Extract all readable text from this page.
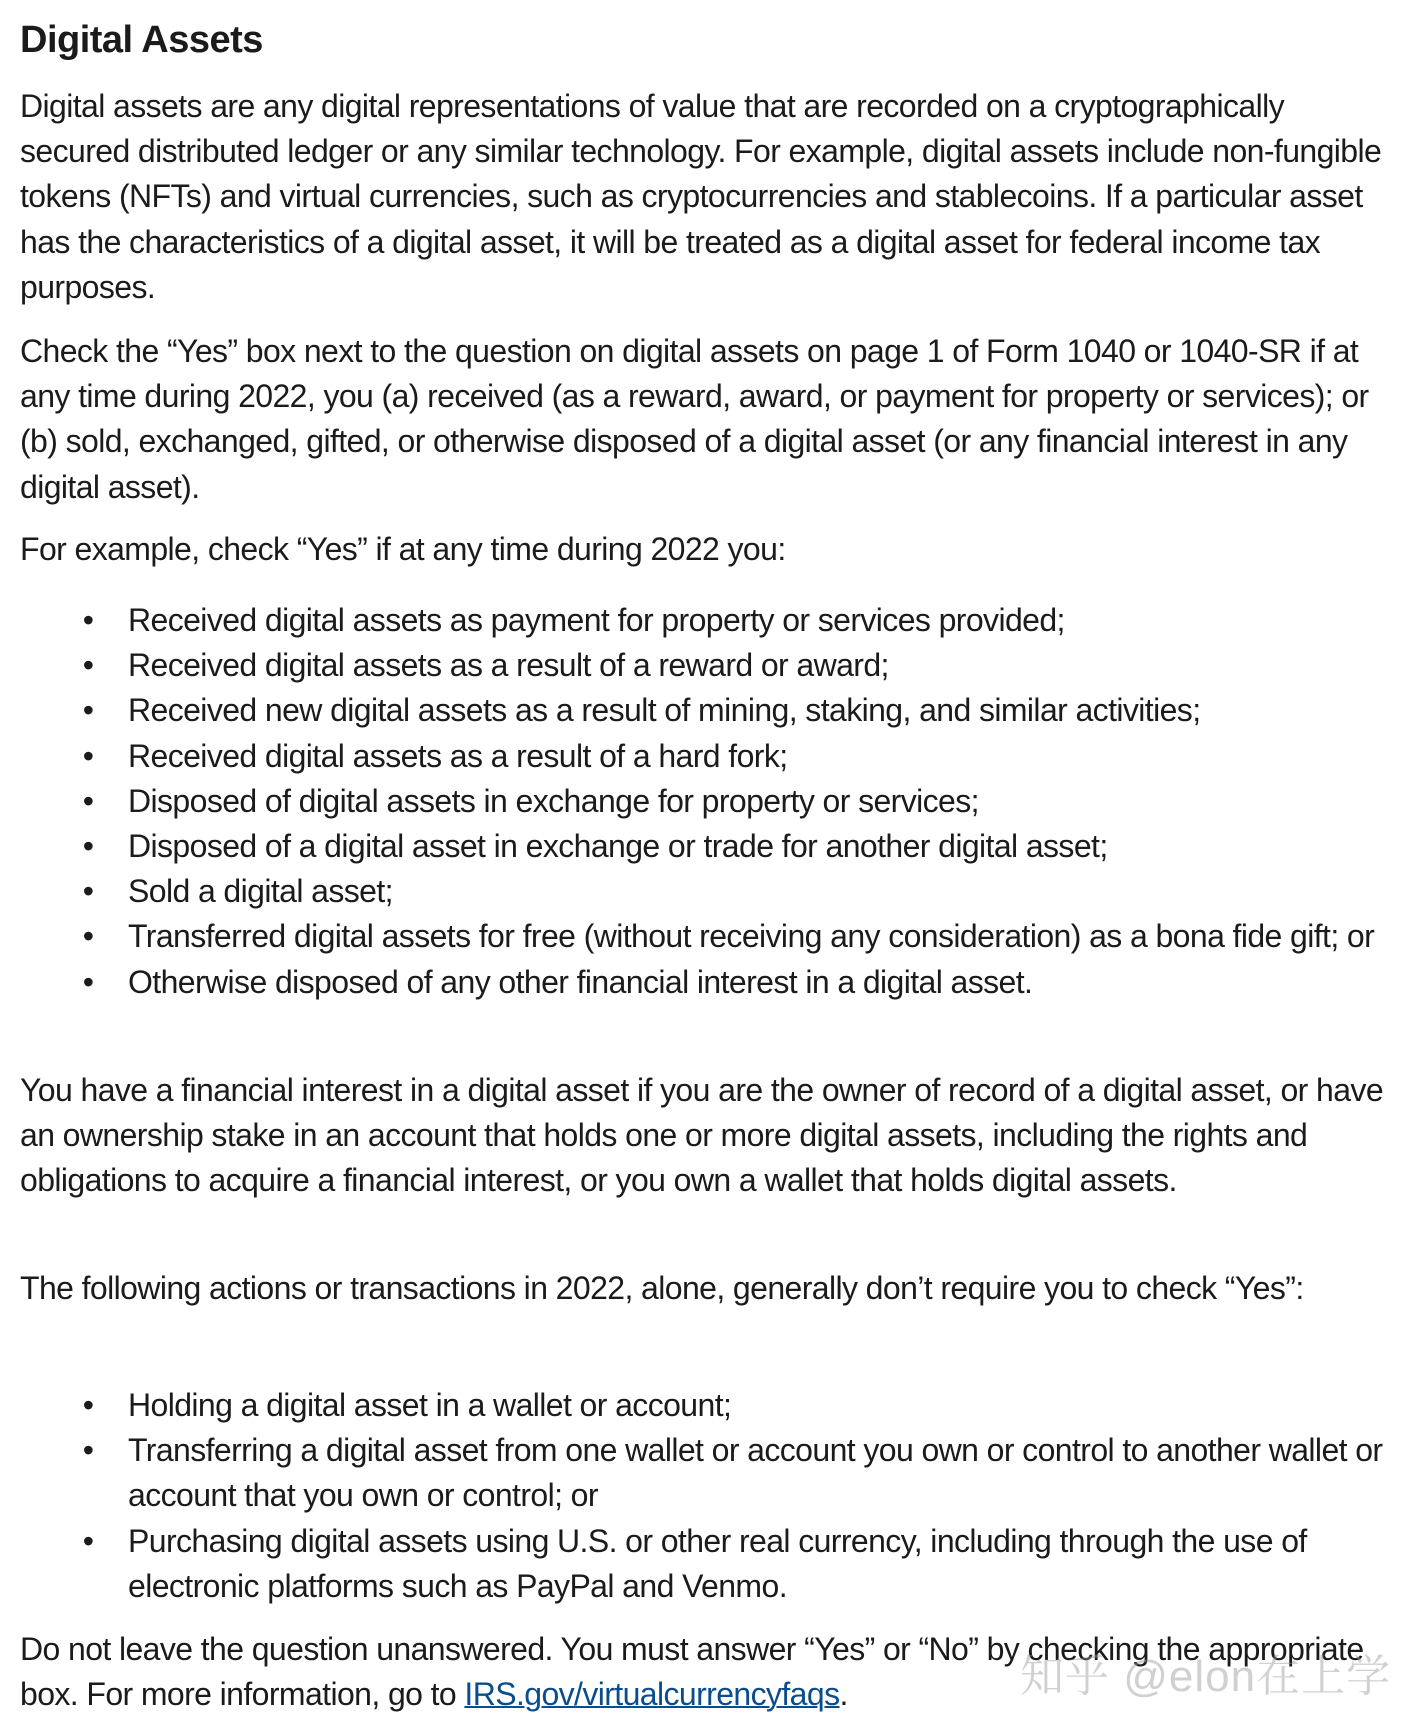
Digital Assets

Digital assets are any digital representations of value that are recorded on a cryptographically secured distributed ledger or any similar technology. For example, digital assets include non-fungible tokens (NFTs) and virtual currencies, such as cryptocurrencies and stablecoins. If a particular asset has the characteristics of a digital asset, it will be treated as a digital asset for federal income tax purposes.

Check the “Yes” box next to the question on digital assets on page 1 of Form 1040 or 1040-SR if at any time during 2022, you (a) received (as a reward, award, or payment for property or services); or (b) sold, exchanged, gifted, or otherwise disposed of a digital asset (or any financial interest in any digital asset).

For example, check “Yes” if at any time during 2022 you:

• Received digital assets as payment for property or services provided;
• Received digital assets as a result of a reward or award;
• Received new digital assets as a result of mining, staking, and similar activities;
• Received digital assets as a result of a hard fork;
• Disposed of digital assets in exchange for property or services;
• Disposed of a digital asset in exchange or trade for another digital asset;
• Sold a digital asset;
• Transferred digital assets for free (without receiving any consideration) as a bona fide gift; or
• Otherwise disposed of any other financial interest in a digital asset.

You have a financial interest in a digital asset if you are the owner of record of a digital asset, or have an ownership stake in an account that holds one or more digital assets, including the rights and obligations to acquire a financial interest, or you own a wallet that holds digital assets.

The following actions or transactions in 2022, alone, generally don’t require you to check “Yes”:

• Holding a digital asset in a wallet or account;
• Transferring a digital asset from one wallet or account you own or control to another wallet or account that you own or control; or
• Purchasing digital assets using U.S. or other real currency, including through the use of electronic platforms such as PayPal and Venmo.

Do not leave the question unanswered. You must answer “Yes” or “No” by checking the appropriate box. For more information, go to IRS.gov/virtualcurrencyfaqs.	知乎 @elon在上学
